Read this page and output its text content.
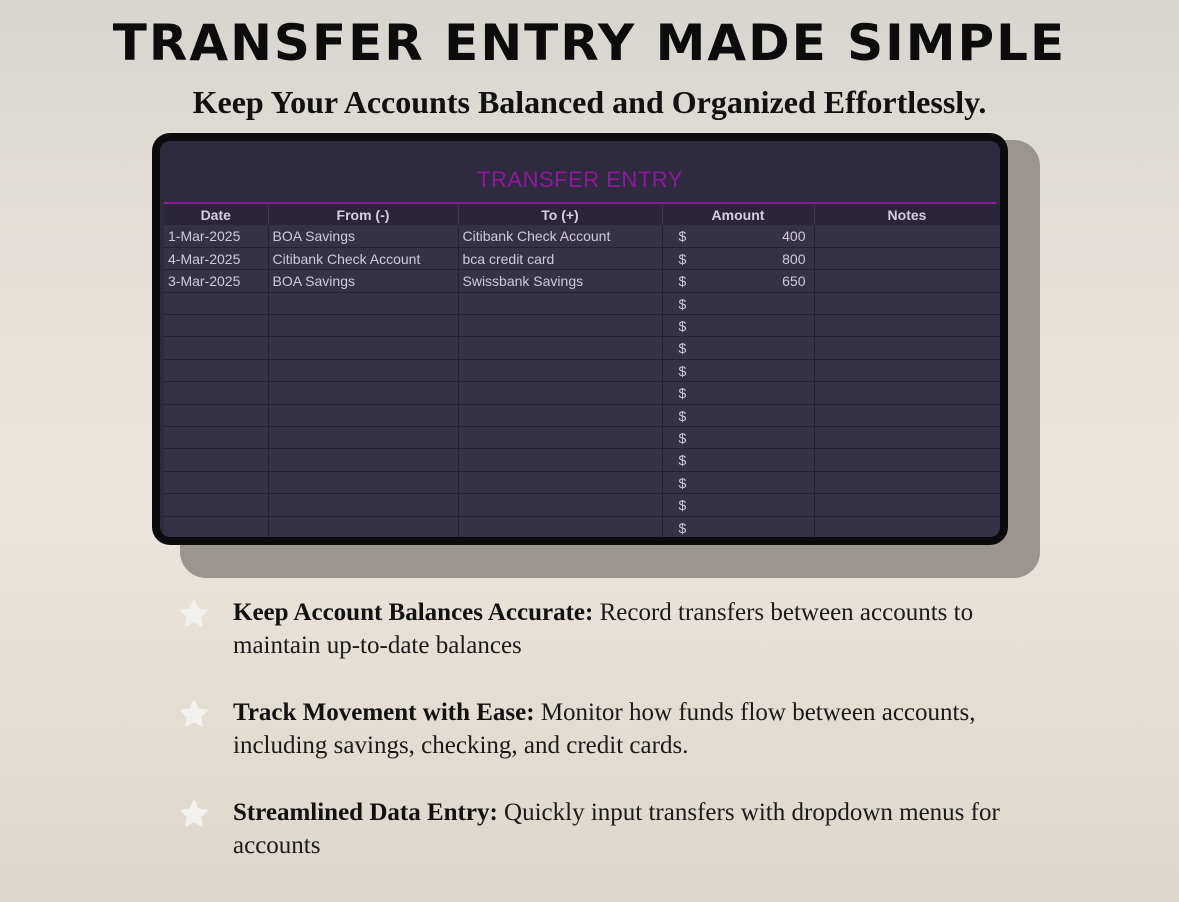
TRANSFER ENTRY MADE SIMPLE
Keep Your Accounts Balanced and Organized Effortlessly.
TRANSFER ENTRY
Date	From (-)	To (+)	Amount	Notes
1-Mar-2025	BOA Savings	Citibank Check Account	$ 400	

4-Mar-2025	Citibank Check Account	bca credit card	$ 800	

3-Mar-2025	BOA Savings	Swissbank Savings	$ 650	

			$	

			$	

			$	

			$	

			$	

			$	

			$	

			$	

			$	

			$	

			$	

Keep Account Balances Accurate: Record transfers between accounts to maintain up-to-date balances
Track Movement with Ease: Monitor how funds flow between accounts, including savings, checking, and credit cards.
Streamlined Data Entry: Quickly input transfers with dropdown menus for accounts
